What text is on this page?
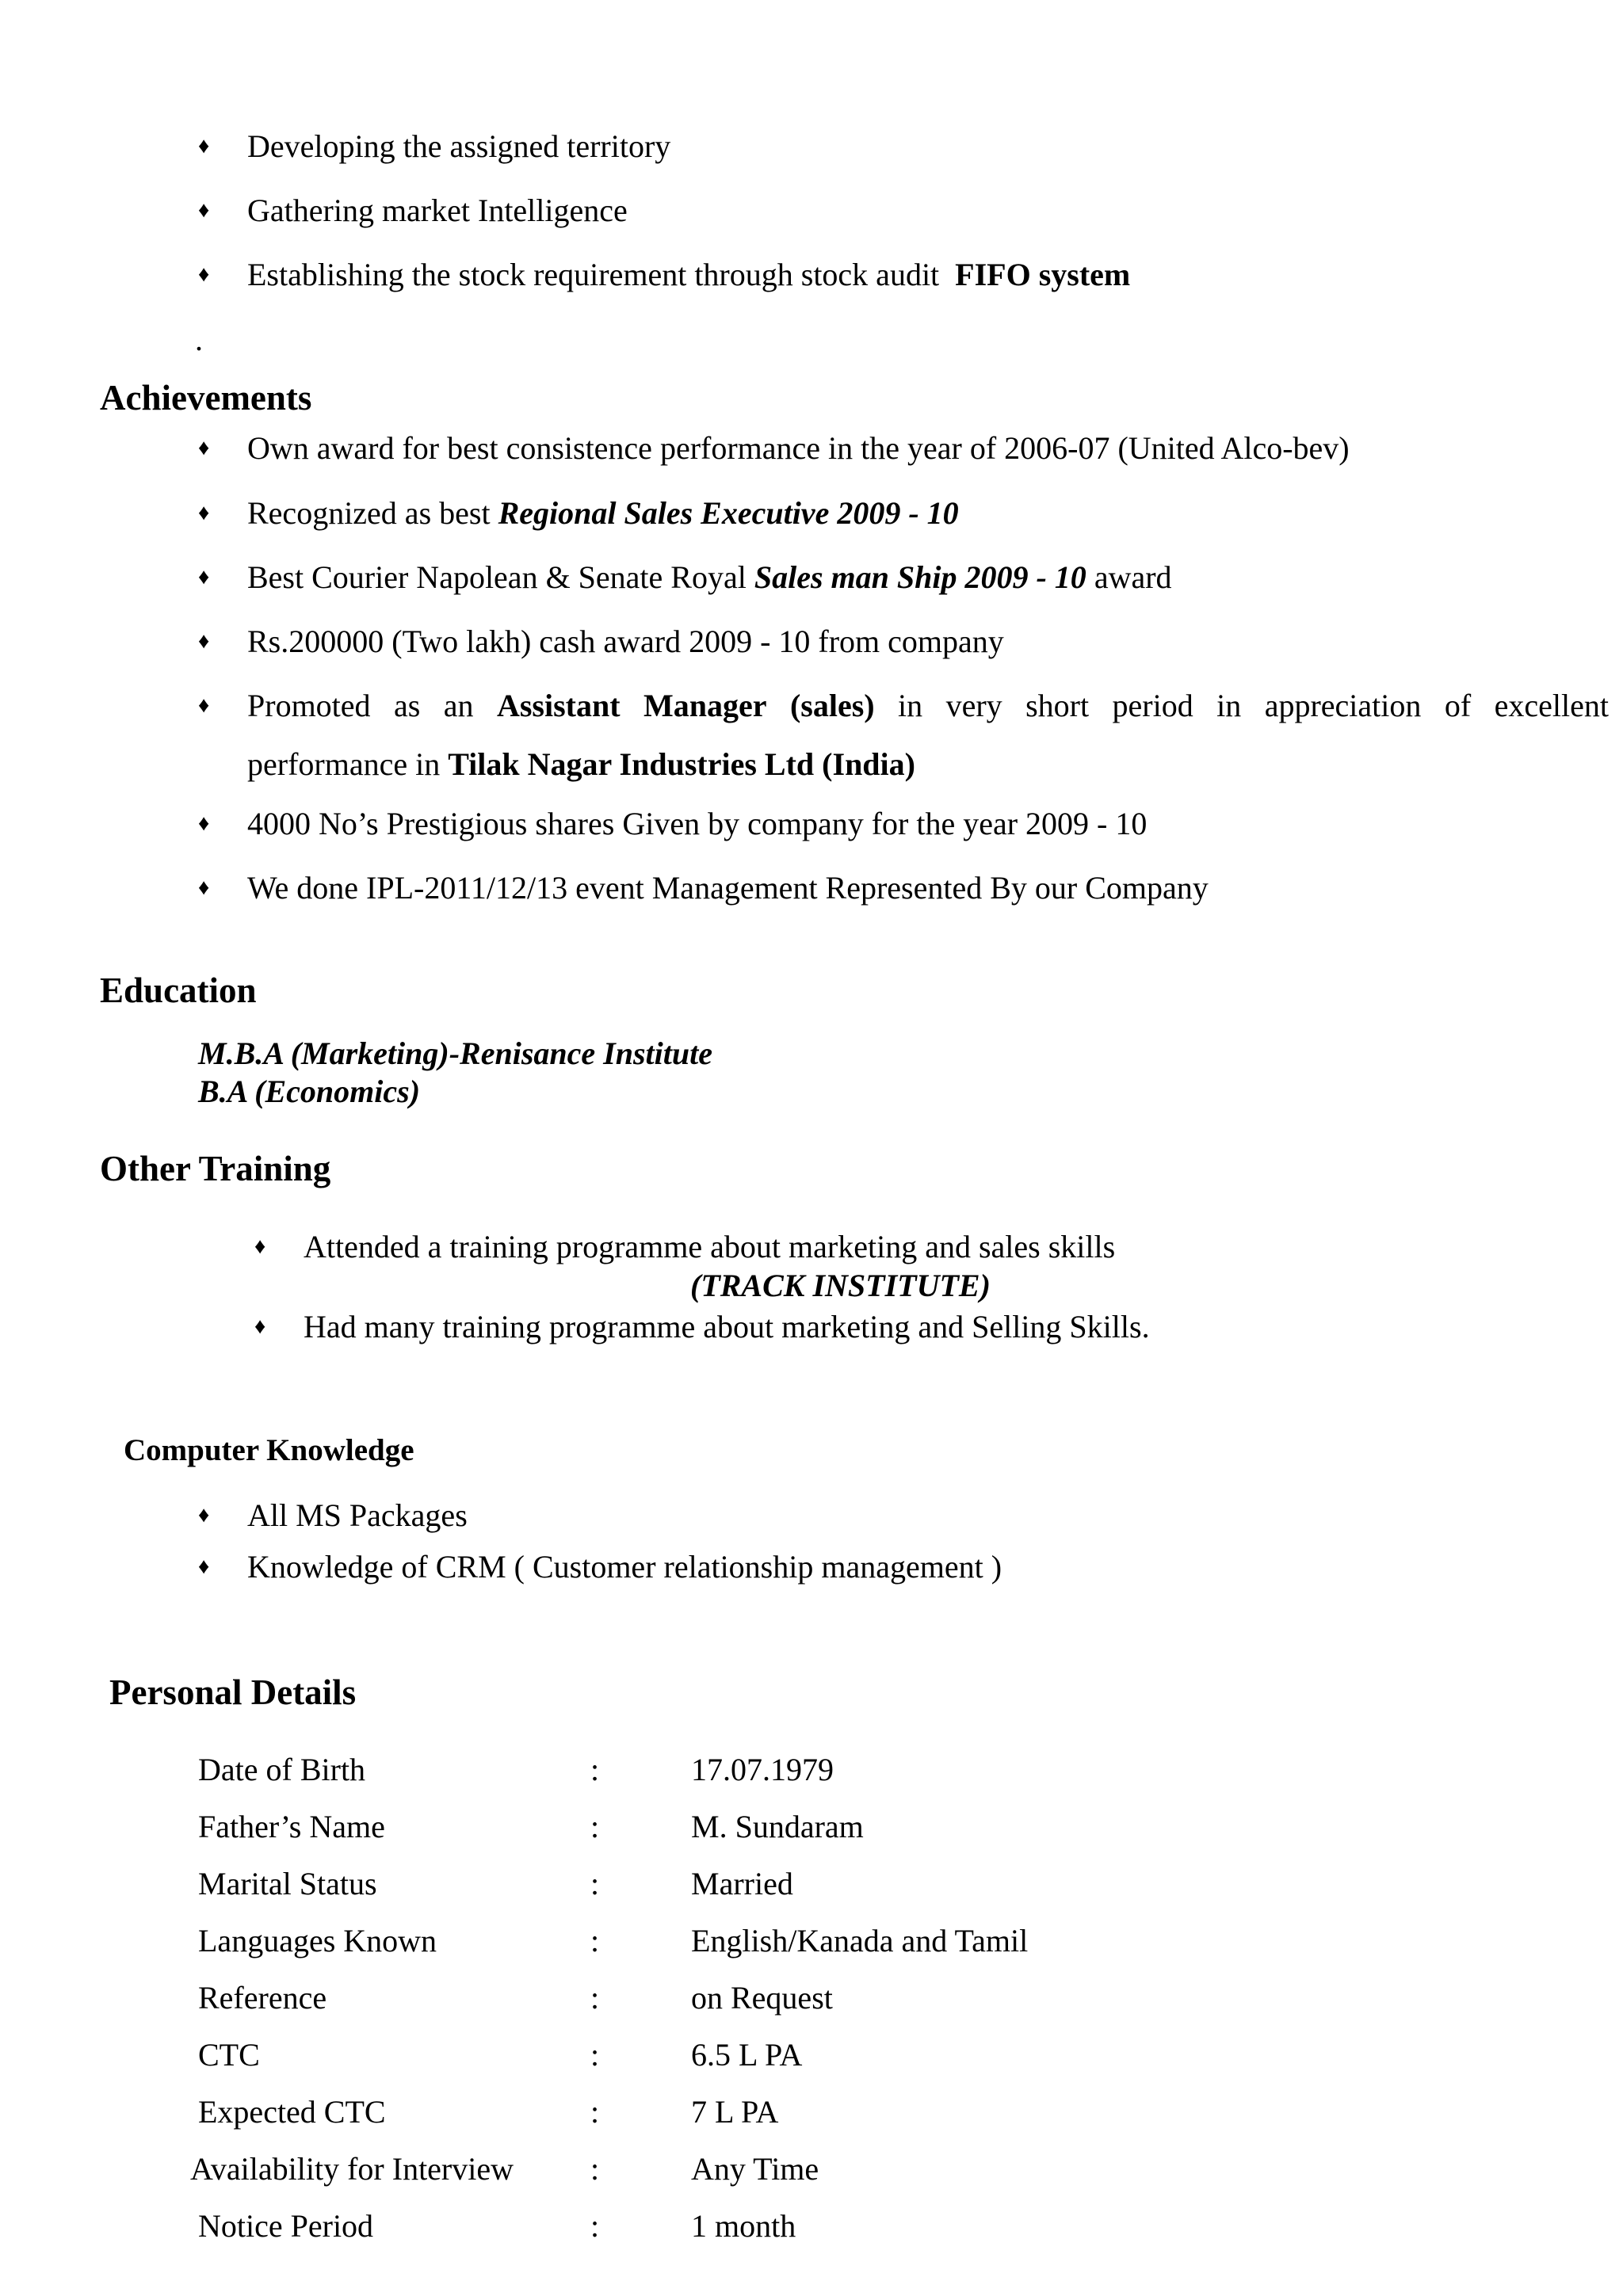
♦ Developing the assigned territory
♦ Gathering market Intelligence
♦ Establishing the stock requirement through stock audit FIFO system
.
Achievements
♦ Own award for best consistence performance in the year of 2006-07 (United Alco-bev)
♦ Recognized as best Regional Sales Executive 2009 - 10
♦ Best Courier Napolean & Senate Royal Sales man Ship 2009 - 10 award
♦ Rs.200000 (Two lakh) cash award 2009 - 10 from company
♦ Promoted as an Assistant Manager (sales) in very short period in appreciation of excellent
performance in Tilak Nagar Industries Ltd (India)
♦ 4000 No’s Prestigious shares Given by company for the year 2009 - 10
♦ We done IPL-2011/12/13 event Management Represented By our Company
Education
M.B.A (Marketing)-Renisance Institute
B.A (Economics)
Other Training
♦ Attended a training programme about marketing and sales skills
(TRACK INSTITUTE)
♦ Had many training programme about marketing and Selling Skills.
Computer Knowledge
♦ All MS Packages
♦ Knowledge of CRM ( Customer relationship management )
Personal Details
Date of Birth	:	17.07.1979
Father’s Name	:	M. Sundaram
Marital Status	:	Married
Languages Known	:	English/Kanada and Tamil
Reference	:	on Request
CTC	:	6.5 L PA
Expected CTC	:	7 L PA
Availability for Interview :	Any Time
Notice Period	:	1 month
